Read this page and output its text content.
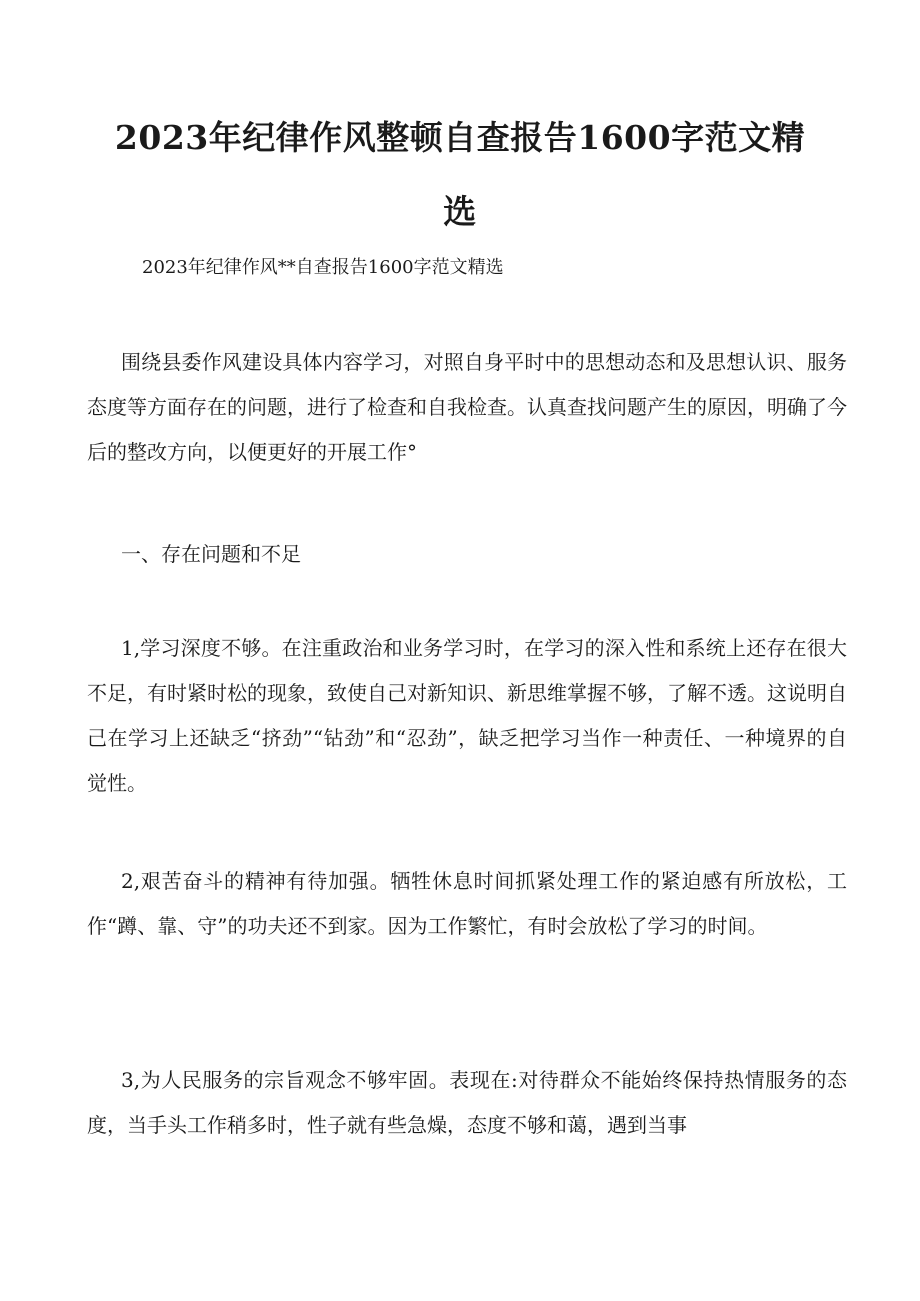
2023年纪律作风整顿自查报告1600字范文精
选

2023年纪律作风**自查报告1600字范文精选

围绕县委作风建设具体内容学习，对照自身平时中的思想动态和及思想认识、服务态度等方面存在的问题，进行了检查和自我检查。认真查找问题产生的原因，明确了今后的整改方向，以便更好的开展工作°

一、存在问题和不足

1,学习深度不够。在注重政治和业务学习时，在学习的深入性和系统上还存在很大不足，有时紧时松的现象，致使自己对新知识、新思维掌握不够，了解不透。这说明自己在学习上还缺乏“挤劲”“钻劲”和“忍劲”，缺乏把学习当作一种责任、一种境界的自觉性。

2,艰苦奋斗的精神有待加强。牺牲休息时间抓紧处理工作的紧迫感有所放松，工作“蹲、靠、守”的功夫还不到家。因为工作繁忙，有时会放松了学习的时间。

3,为人民服务的宗旨观念不够牢固。表现在:对待群众不能始终保持热情服务的态度，当手头工作稍多时，性子就有些急燥，态度不够和蔼，遇到当事
